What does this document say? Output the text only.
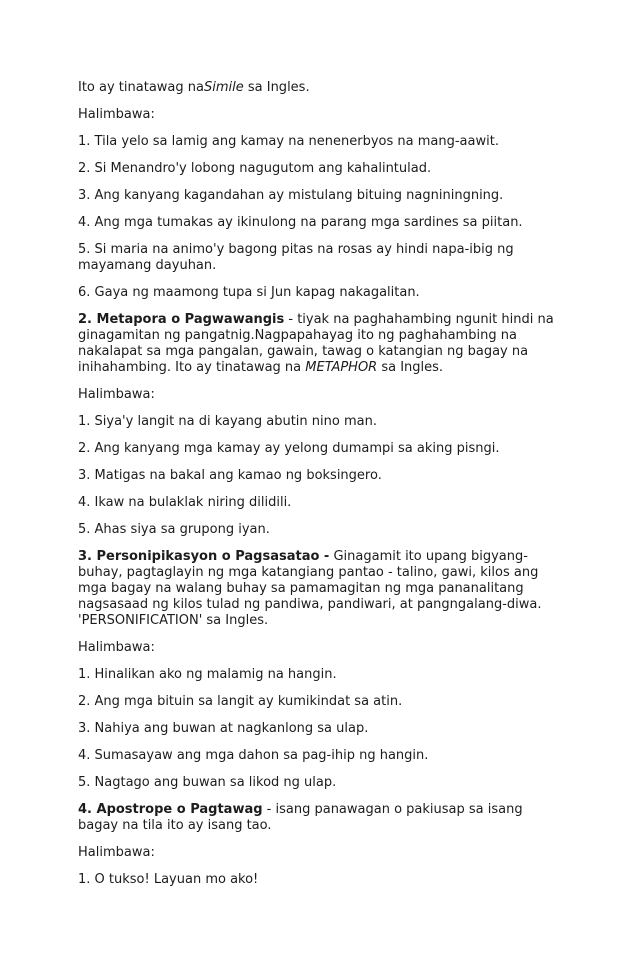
Ito ay tinatawag naSimile sa Ingles.

Halimbawa:

1. Tila yelo sa lamig ang kamay na nenenerbyos na mang-aawit.

2. Si Menandro'y lobong nagugutom ang kahalintulad.

3. Ang kanyang kagandahan ay mistulang bituing nagniningning.

4. Ang mga tumakas ay ikinulong na parang mga sardines sa piitan.

5. Si maria na animo'y bagong pitas na rosas ay hindi napa-ibig ng mayamang dayuhan.

6. Gaya ng maamong tupa si Jun kapag nakagalitan.

2. Metapora o Pagwawangis - tiyak na paghahambing ngunit hindi na ginagamitan ng pangatnig.Nagpapahayag ito ng paghahambing na nakalapat sa mga pangalan, gawain, tawag o katangian ng bagay na inihahambing. Ito ay tinatawag na METAPHOR sa Ingles.

Halimbawa:

1. Siya'y langit na di kayang abutin nino man.

2. Ang kanyang mga kamay ay yelong dumampi sa aking pisngi.

3. Matigas na bakal ang kamao ng boksingero.

4. Ikaw na bulaklak niring dilidili.

5. Ahas siya sa grupong iyan.

3. Personipikasyon o Pagsasatao - Ginagamit ito upang bigyang-buhay, pagtaglayin ng mga katangiang pantao - talino, gawi, kilos ang mga bagay na walang buhay sa pamamagitan ng mga pananalitang nagsasaad ng kilos tulad ng pandiwa, pandiwari, at pangngalang-diwa. 'PERSONIFICATION' sa Ingles.

Halimbawa:

1. Hinalikan ako ng malamig na hangin.

2. Ang mga bituin sa langit ay kumikindat sa atin.

3. Nahiya ang buwan at nagkanlong sa ulap.

4. Sumasayaw ang mga dahon sa pag-ihip ng hangin.

5. Nagtago ang buwan sa likod ng ulap.

4. Apostrope o Pagtawag - isang panawagan o pakiusap sa isang bagay na tila ito ay isang tao.

Halimbawa:

1. O tukso! Layuan mo ako!
